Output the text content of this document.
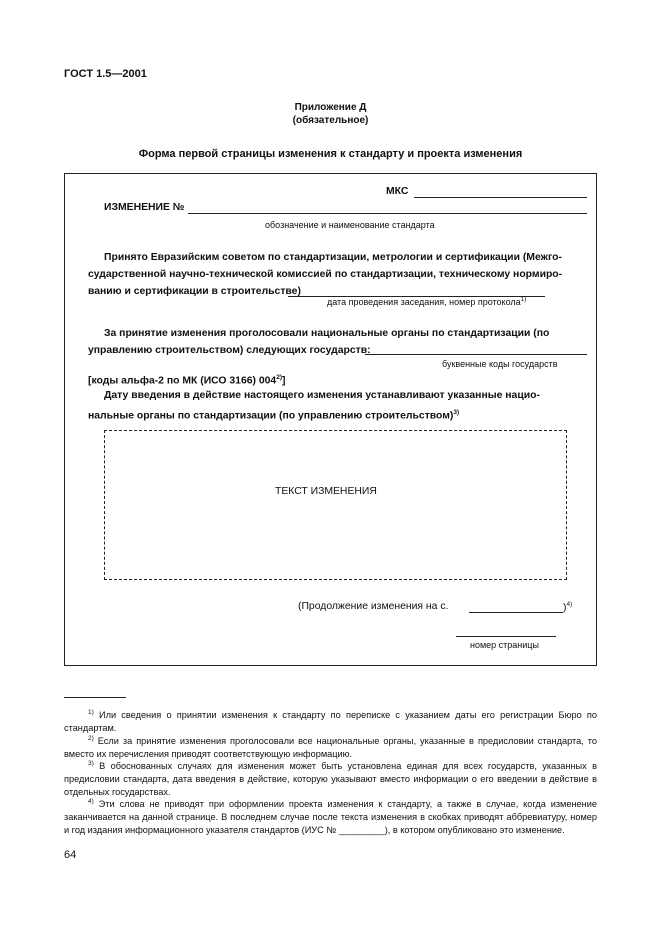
ГОСТ 1.5—2001
Приложение Д
(обязательное)
Форма первой страницы изменения к стандарту и проекта изменения
МКС
ИЗМЕНЕНИЕ №
обозначение и наименование стандарта
Принято Евразийским советом по стандартизации, метрологии и сертификации (Межго-
сударственной научно-технической комиссией по стандартизации, техническому нормиро-
ванию и сертификации в строительстве)
дата проведения заседания, номер протокола$^{1)}$
За принятие изменения проголосовали национальные органы по стандартизации (по
управлению строительством) следующих государств:
буквенные коды государств
[коды альфа-2 по МК (ИСО 3166) 004$^{2)}$]
Дату введения в действие настоящего изменения устанавливают указанные нацио-
нальные органы по стандартизации (по управлению строительством)$^{3)}$
ТЕКСТ ИЗМЕНЕНИЯ
(Продолжение изменения на с.	)$^{4)}$
номер страницы
$^{1)}$ Или сведения о принятии изменения к стандарту по переписке с указанием даты его регистрации Бюро по стандартам.
$^{2)}$ Если за принятие изменения проголосовали все национальные органы, указанные в предисловии стандарта, то вместо их перечисления приводят соответствующую информацию.
$^{3)}$ В обоснованных случаях для изменения может быть установлена единая для всех государств, указанных в предисловии стандарта, дата введения в действие, которую указывают вместо информации о его введении в действие в отдельных государствах.
$^{4)}$ Эти слова не приводят при оформлении проекта изменения к стандарту, а также в случае, когда изменение заканчивается на данной странице. В последнем случае после текста изменения в скобках приводят аббревиатуру, номер и год издания информационного указателя стандартов (ИУС № _________), в котором опубликовано это изменение.
64
